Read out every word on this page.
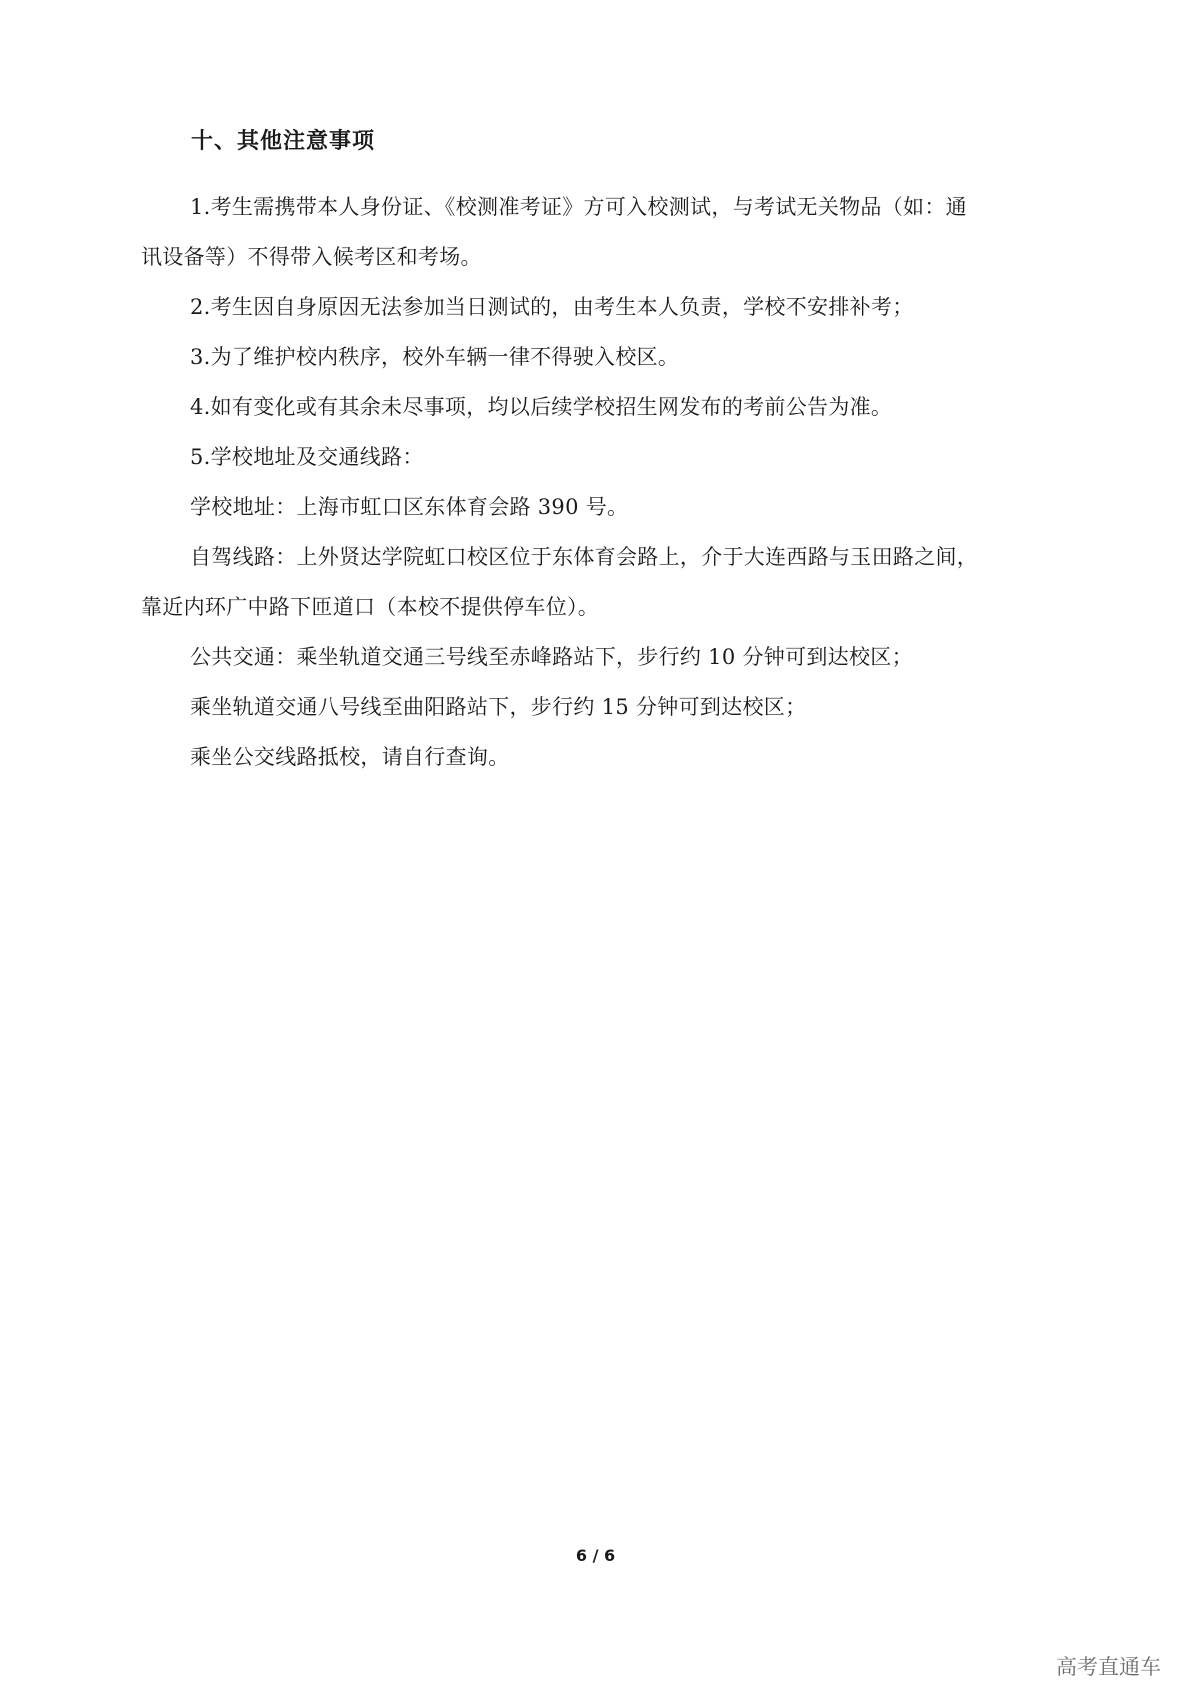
十、其他注意事项
1.考生需携带本人身份证、《校测准考证》方可入校测试，与考试无关物品（如：通
讯设备等）不得带入候考区和考场。
2.考生因自身原因无法参加当日测试的，由考生本人负责，学校不安排补考；
3.为了维护校内秩序，校外车辆一律不得驶入校区。
4.如有变化或有其余未尽事项，均以后续学校招生网发布的考前公告为准。
5.学校地址及交通线路：
学校地址：上海市虹口区东体育会路 390 号。
自驾线路：上外贤达学院虹口校区位于东体育会路上，介于大连西路与玉田路之间，
靠近内环广中路下匝道口（本校不提供停车位）。
公共交通：乘坐轨道交通三号线至赤峰路站下，步行约 10 分钟可到达校区；
乘坐轨道交通八号线至曲阳路站下，步行约 15 分钟可到达校区；
乘坐公交线路抵校，请自行查询。
6 / 6
高考直通车
